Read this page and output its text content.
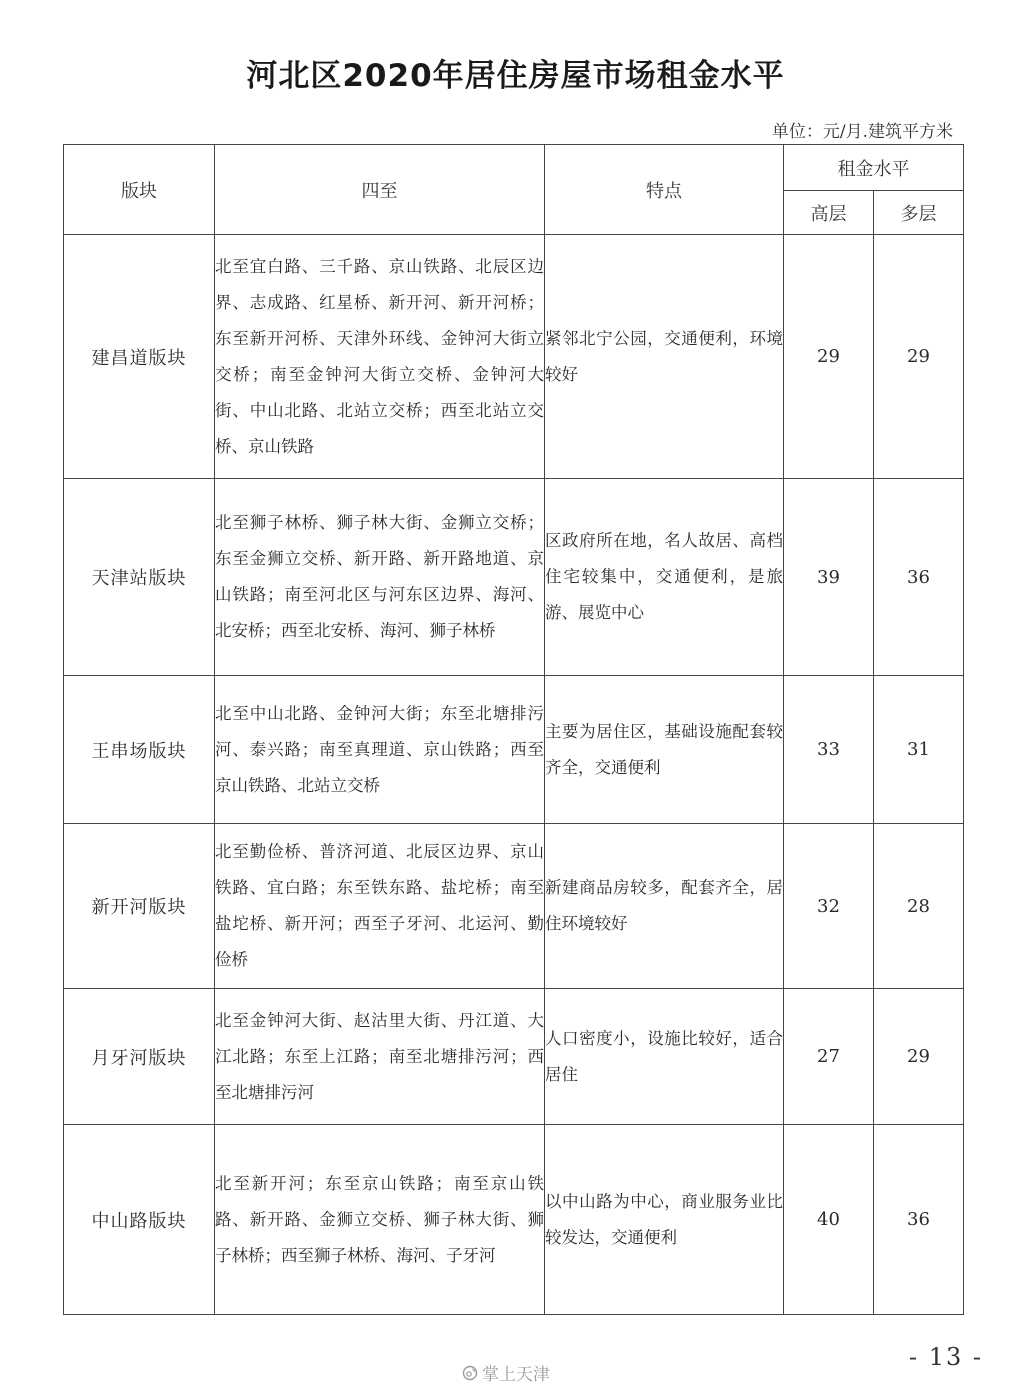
河北区2020年居住房屋市场租金水平
单位：元/月.建筑平方米
版块	四至	特点	租金水平	
			高层	多层
建昌道版块	北至宜白路、三千路、京山铁路、北辰区边界、志成路、红星桥、新开河、新开河桥；东至新开河桥、天津外环线、金钟河大街立交桥；南至金钟河大街立交桥、金钟河大街、中山北路、北站立交桥；西至北站立交桥、京山铁路	紧邻北宁公园，交通便利，环境较好	29	29
天津站版块	北至狮子林桥、狮子林大街、金狮立交桥；东至金狮立交桥、新开路、新开路地道、京山铁路；南至河北区与河东区边界、海河、北安桥；西至北安桥、海河、狮子林桥	区政府所在地，名人故居、高档住宅较集中，交通便利，是旅游、展览中心	39	36
王串场版块	北至中山北路、金钟河大街；东至北塘排污河、泰兴路；南至真理道、京山铁路；西至京山铁路、北站立交桥	主要为居住区，基础设施配套较齐全，交通便利	33	31
新开河版块	北至勤俭桥、普济河道、北辰区边界、京山铁路、宜白路；东至铁东路、盐坨桥；南至盐坨桥、新开河；西至子牙河、北运河、勤俭桥	新建商品房较多，配套齐全，居住环境较好	32	28
月牙河版块	北至金钟河大街、赵沽里大街、丹江道、大江北路；东至上江路；南至北塘排污河；西至北塘排污河	人口密度小，设施比较好，适合居住	27	29
中山路版块	北至新开河；东至京山铁路；南至京山铁路、新开路、金狮立交桥、狮子林大街、狮子林桥；西至狮子林桥、海河、子牙河	以中山路为中心，商业服务业比较发达，交通便利	40	36
- 13 -
掌上天津
